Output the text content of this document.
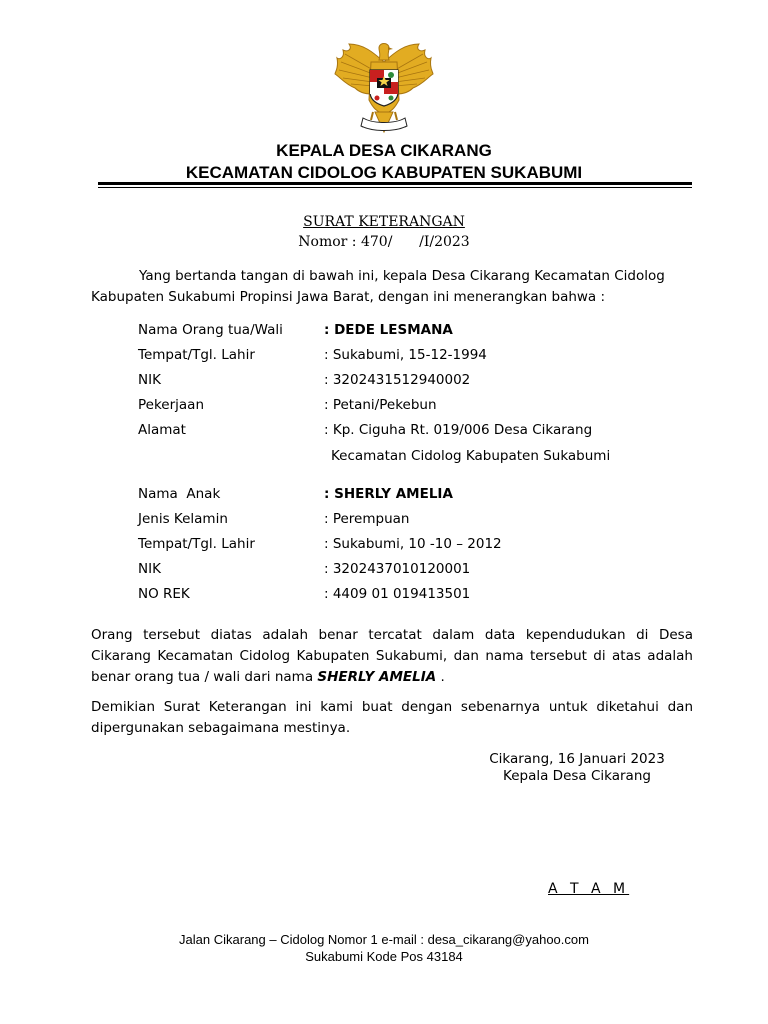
KEPALA DESA CIKARANG
KECAMATAN CIDOLOG KABUPATEN SUKABUMI
SURAT KETERANGAN
Nomor : 470/      /I/2023
Yang bertanda tangan di bawah ini, kepala Desa Cikarang Kecamatan Cidolog
Kabupaten Sukabumi Propinsi Jawa Barat, dengan ini menerangkan bahwa :
Nama Orang tua/Wali	: DEDE LESMANA
Tempat/Tgl. Lahir	: Sukabumi, 15-12-1994
NIK	: 3202431512940002
Pekerjaan	: Petani/Pekebun
Alamat	: Kp. Ciguha Rt. 019/006 Desa Cikarang
Kecamatan Cidolog Kabupaten Sukabumi
Nama  Anak	: SHERLY AMELIA
Jenis Kelamin	: Perempuan
Tempat/Tgl. Lahir	: Sukabumi, 10 -10 – 2012
NIK	: 3202437010120001
NO REK	: 4409 01 019413501
Orang tersebut diatas adalah benar tercatat dalam data kependudukan di Desa Cikarang Kecamatan Cidolog Kabupaten Sukabumi, dan nama tersebut di atas adalah benar orang tua / wali dari nama SHERLY AMELIA .
Demikian Surat Keterangan ini kami buat dengan sebenarnya untuk diketahui dan dipergunakan sebagaimana mestinya.
Cikarang, 16 Januari 2023
Kepala Desa Cikarang
A T A M
Jalan Cikarang – Cidolog Nomor 1 e-mail : desa_cikarang@yahoo.com
Sukabumi Kode Pos 43184
